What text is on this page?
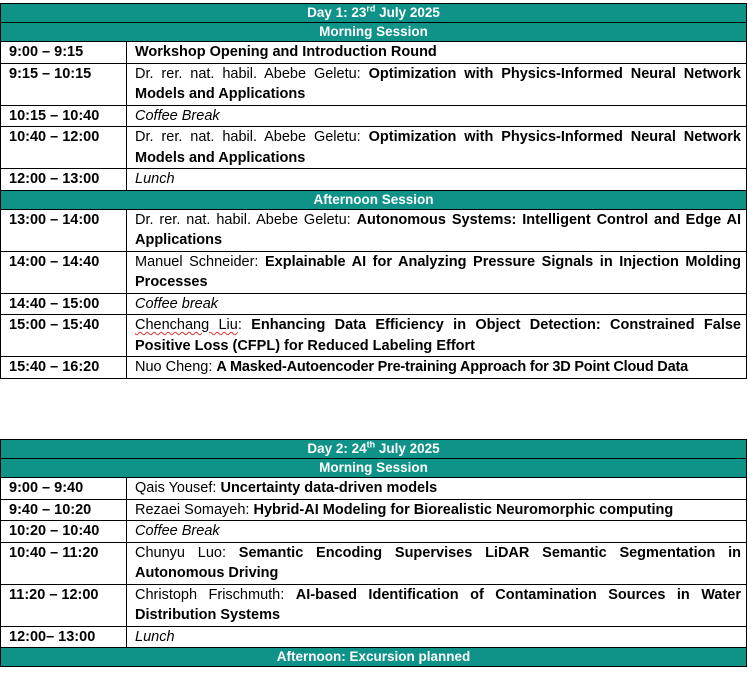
Day 1: 23rd July 2025	
Morning Session	
9:00 – 9:15	Workshop Opening and Introduction Round
9:15 – 10:15	Dr. rer. nat. habil. Abebe Geletu: Optimization with Physics-Informed Neural Network Models and Applications
10:15 – 10:40	Coffee Break
10:40 – 12:00	Dr. rer. nat. habil. Abebe Geletu: Optimization with Physics-Informed Neural Network Models and Applications
12:00 – 13:00	Lunch
Afternoon Session	
13:00 – 14:00	Dr. rer. nat. habil. Abebe Geletu: Autonomous Systems: Intelligent Control and Edge AI Applications
14:00 – 14:40	Manuel Schneider: Explainable AI for Analyzing Pressure Signals in Injection Molding Processes
14:40 – 15:00	Coffee break
15:00 – 15:40	Chenchang Liu: Enhancing Data Efficiency in Object Detection: Constrained False Positive Loss (CFPL) for Reduced Labeling Effort
15:40 – 16:20	Nuo Cheng: A Masked-Autoencoder Pre-training Approach for 3D Point Cloud Data
Day 2: 24th July 2025	
Morning Session	
9:00 – 9:40	Qais Yousef: Uncertainty data-driven models
9:40 – 10:20	Rezaei Somayeh: Hybrid-AI Modeling for Biorealistic Neuromorphic computing
10:20 – 10:40	Coffee Break
10:40 – 11:20	Chunyu Luo: Semantic Encoding Supervises LiDAR Semantic Segmentation in Autonomous Driving
11:20 – 12:00	Christoph Frischmuth: AI-based Identification of Contamination Sources in Water Distribution Systems
12:00– 13:00	Lunch
Afternoon: Excursion planned	
